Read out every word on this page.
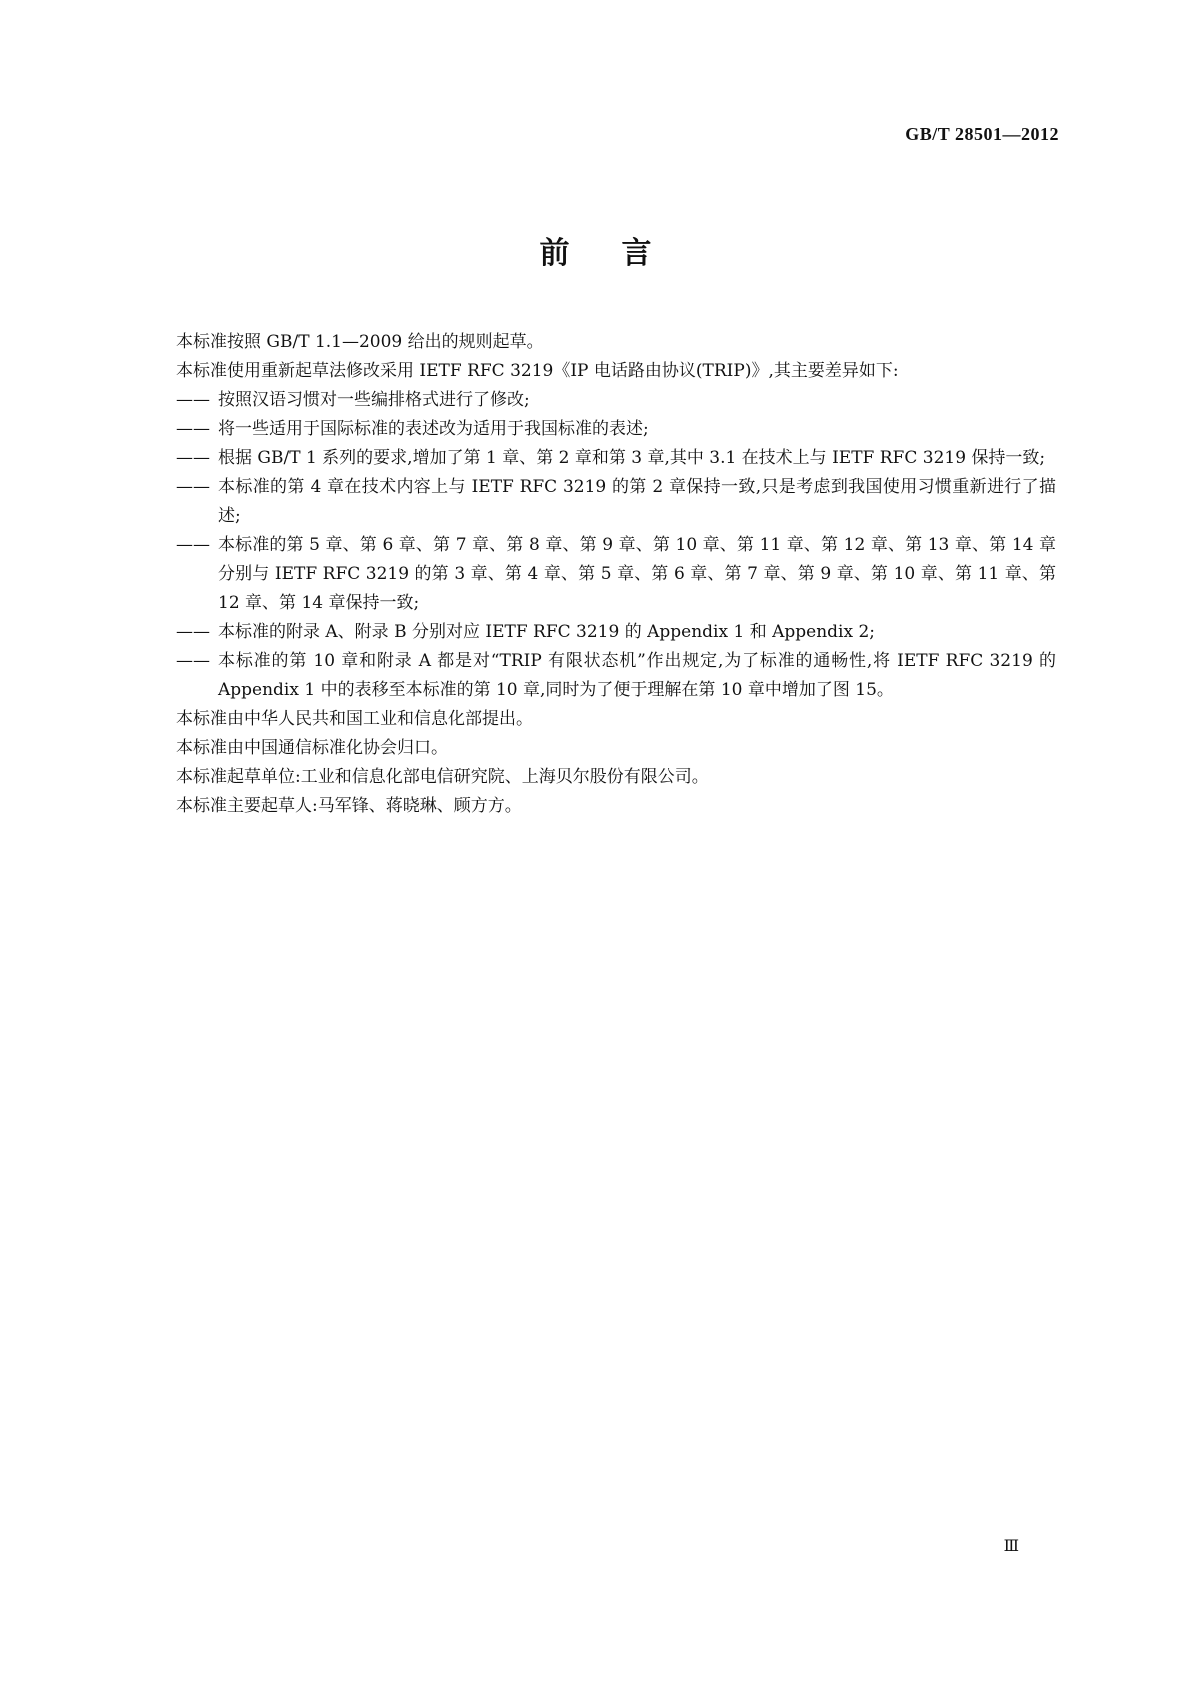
GB/T 28501—2012
前言

本标准按照 GB/T 1.1—2009 给出的规则起草。

本标准使用重新起草法修改采用 IETF RFC 3219《IP 电话路由协议(TRIP)》,其主要差异如下:

—— 按照汉语习惯对一些编排格式进行了修改;
—— 将一些适用于国际标准的表述改为适用于我国标准的表述;
—— 根据 GB/T 1 系列的要求,增加了第 1 章、第 2 章和第 3 章,其中 3.1 在技术上与 IETF RFC 3219 保持一致;
—— 本标准的第 4 章在技术内容上与 IETF RFC 3219 的第 2 章保持一致,只是考虑到我国使用习惯重新进行了描述;
—— 本标准的第 5 章、第 6 章、第 7 章、第 8 章、第 9 章、第 10 章、第 11 章、第 12 章、第 13 章、第 14 章分别与 IETF RFC 3219 的第 3 章、第 4 章、第 5 章、第 6 章、第 7 章、第 9 章、第 10 章、第 11 章、第 12 章、第 14 章保持一致;
—— 本标准的附录 A、附录 B 分别对应 IETF RFC 3219 的 Appendix 1 和 Appendix 2;
—— 本标准的第 10 章和附录 A 都是对“TRIP 有限状态机”作出规定,为了标准的通畅性,将 IETF RFC 3219 的 Appendix 1 中的表移至本标准的第 10 章,同时为了便于理解在第 10 章中增加了图 15。

本标准由中华人民共和国工业和信息化部提出。

本标准由中国通信标准化协会归口。

本标准起草单位:工业和信息化部电信研究院、上海贝尔股份有限公司。

本标准主要起草人:马军锋、蒋晓琳、顾方方。

Ⅲ
